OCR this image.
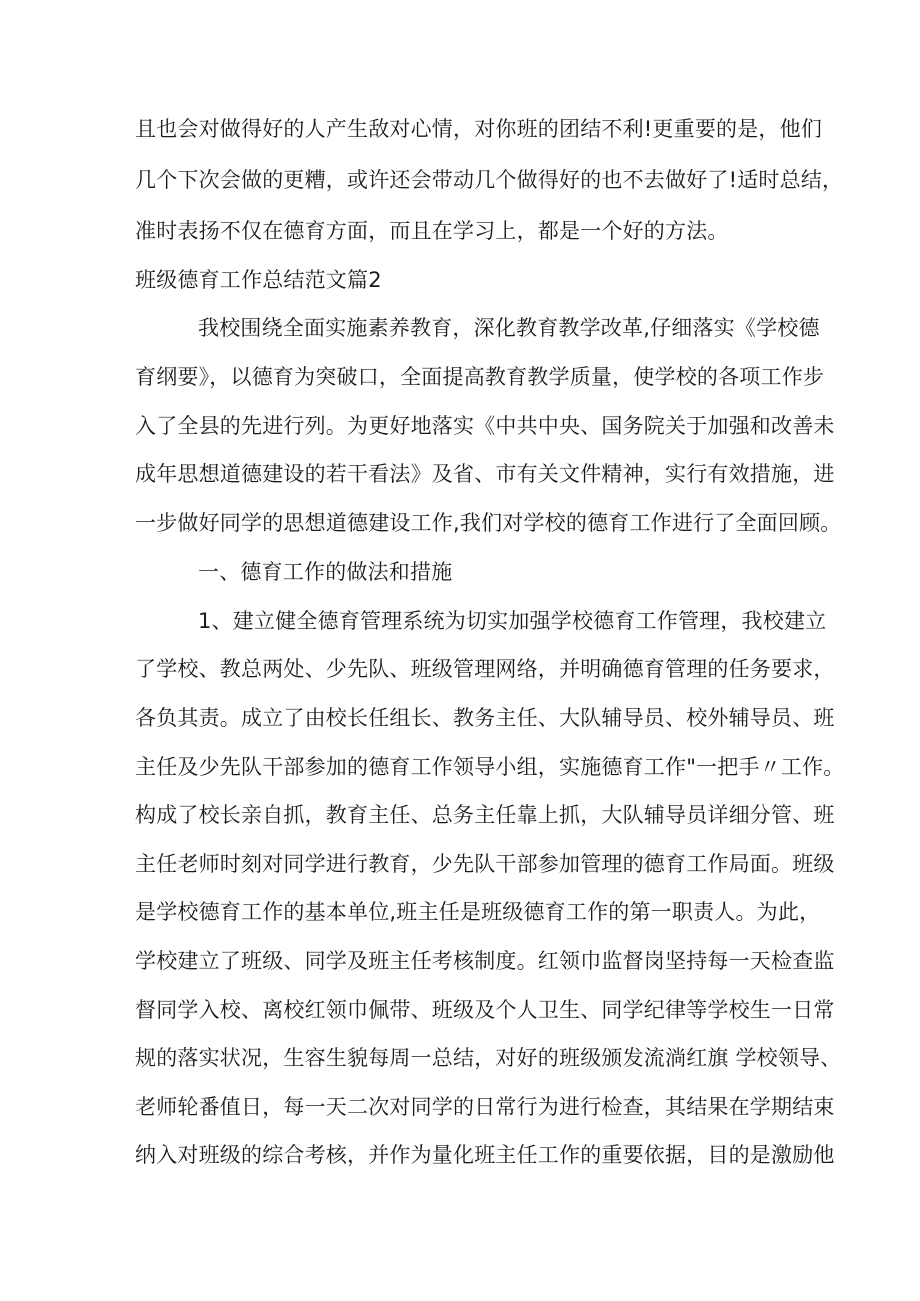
且也会对做得好的人产生敌对心情，对你班的团结不利!更重要的是，他们
几个下次会做的更糟，或许还会带动几个做得好的也不去做好了!适时总结，
准时表扬不仅在德育方面，而且在学习上，都是一个好的方法。
班级德育工作总结范文篇2
我校围绕全面实施素养教育，深化教育教学改革,仔细落实《学校德
育纲要》，以德育为突破口，全面提高教育教学质量，使学校的各项工作步
入了全县的先进行列。为更好地落实《中共中央、国务院关于加强和改善未
成年思想道德建设的若干看法》及省、市有关文件精神，实行有效措施，进
一步做好同学的思想道德建设工作,我们对学校的德育工作进行了全面回顾。
一、德育工作的做法和措施
1、建立健全德育管理系统为切实加强学校德育工作管理，我校建立
了学校、教总两处、少先队、班级管理网络，并明确德育管理的任务要求，
各负其责。成立了由校长任组长、教务主任、大队辅导员、校外辅导员、班
主任及少先队干部参加的德育工作领导小组，实施德育工作"一把手〃工作。
构成了校长亲自抓，教育主任、总务主任靠上抓，大队辅导员详细分管、班
主任老师时刻对同学进行教育，少先队干部参加管理的德育工作局面。班级
是学校德育工作的基本单位,班主任是班级德育工作的第一职责人。为此，
学校建立了班级、同学及班主任考核制度。红领巾监督岗坚持每一天检查监
督同学入校、离校红领巾佩带、班级及个人卫生、同学纪律等学校生一日常
规的落实状况，生容生貌每周一总结，对好的班级颁发流淌红旗 学校领导、
老师轮番值日，每一天二次对同学的日常行为进行检查，其结果在学期结束
纳入对班级的综合考核，并作为量化班主任工作的重要依据，目的是激励他
